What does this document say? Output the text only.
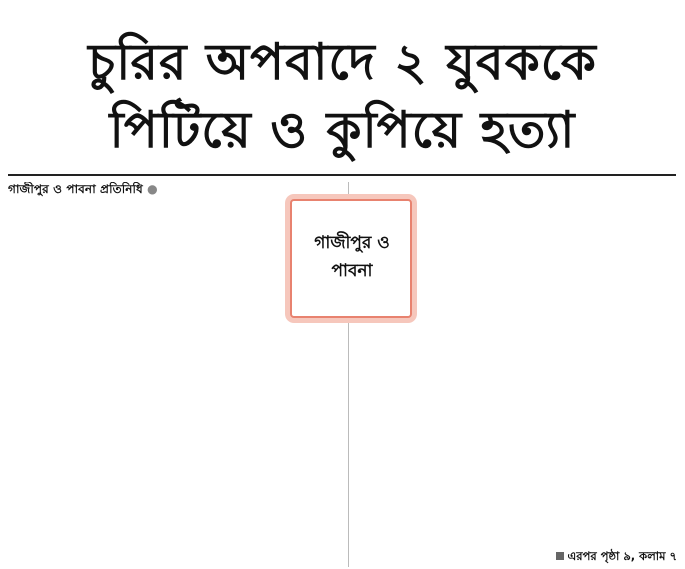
চুরির অপবাদে ২ যুবককে
পিটিয়ে ও কুপিয়ে হত্যা

গাজীপুর ও পাবনা প্রতিনিধি ●

গাজীপুর ও পাবনা
এরপর পৃষ্ঠা ৯, কলাম ৭
